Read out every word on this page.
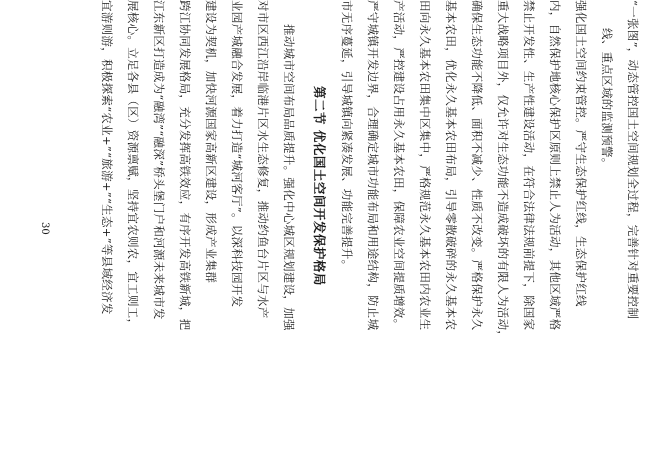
“一张图”，动态管控国土空间规划全过程，完善针对重要控制
线、重点区域的监测预警。
强化国土空间约束管控。严守生态保护红线，生态保护红线
内，自然保护地核心保护区原则上禁止人为活动，其他区域严格
禁止开发性、生产性建设活动，在符合法律法规前提下，除国家
重大战略项目外，仅允许对生态功能不造成破坏的有限人为活动，
确保生态功能不降低、面积不减少、性质不改变。严格保护永久
基本农田，优化永久基本农田布局，引导零散破碎的永久基本农
田向永久基本农田集中区集中，严格规范永久基本农田内农业生
产活动，严控建设占用永久基本农田，保障农业空间提质增效。
严守城镇开发边界，合理确定城市功能布局和用途结构，防止城
市无序蔓延，引导城镇向紧凑发展、功能完善提升。
第二节 优化国土空间开发保护格局
推动城市空间布局品质提升。强化中心城区规划建设，加强
对市区西江沿岸临港片区水生态修复，推动约鱼台片区与水产
业园产城融合发展，着力打造“城河客厅”。以深科技园开发
建设为契机，加快河源国家高新区建设，形成产业集群
跨江协同发展格局，充分发挥高铁效应，有序开发高铁新城，把
江东新区打造成为“融湾”“融深”桥头堡门户和河源未来城市发
展核心。立足各县（区）资源禀赋，坚持宜农则农，宜工则工，
宜游则游，积极探索“农业+”“旅游+”“生态+”等县域经济发
30
